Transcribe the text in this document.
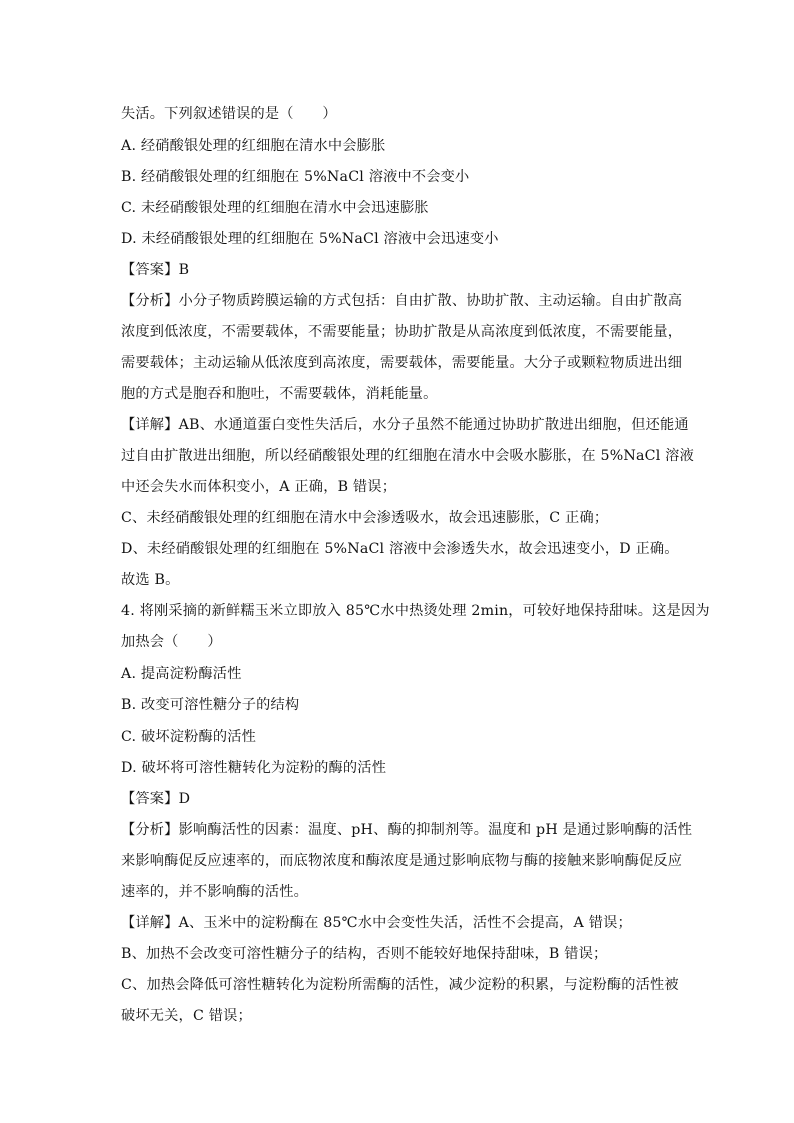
失活。下列叙述错误的是（　　）
A. 经硝酸银处理的红细胞在清水中会膨胀
B. 经硝酸银处理的红细胞在 5%NaCl 溶液中不会变小
C. 未经硝酸银处理的红细胞在清水中会迅速膨胀
D. 未经硝酸银处理的红细胞在 5%NaCl 溶液中会迅速变小
【答案】B
【分析】小分子物质跨膜运输的方式包括：自由扩散、协助扩散、主动运输。自由扩散高
浓度到低浓度，不需要载体，不需要能量；协助扩散是从高浓度到低浓度，不需要能量，
需要载体；主动运输从低浓度到高浓度，需要载体，需要能量。大分子或颗粒物质进出细
胞的方式是胞吞和胞吐，不需要载体，消耗能量。
【详解】AB、水通道蛋白变性失活后，水分子虽然不能通过协助扩散进出细胞，但还能通
过自由扩散进出细胞，所以经硝酸银处理的红细胞在清水中会吸水膨胀，在 5%NaCl 溶液
中还会失水而体积变小，A 正确，B 错误；
C、未经硝酸银处理的红细胞在清水中会渗透吸水，故会迅速膨胀，C 正确；
D、未经硝酸银处理的红细胞在 5%NaCl 溶液中会渗透失水，故会迅速变小，D 正确。
故选 B。
4. 将刚采摘的新鲜糯玉米立即放入 85℃水中热烫处理 2min，可较好地保持甜味。这是因为
加热会（　　）
A. 提高淀粉酶活性
B. 改变可溶性糖分子的结构
C. 破坏淀粉酶的活性
D. 破坏将可溶性糖转化为淀粉的酶的活性
【答案】D
【分析】影响酶活性的因素：温度、pH、酶的抑制剂等。温度和 pH 是通过影响酶的活性
来影响酶促反应速率的，而底物浓度和酶浓度是通过影响底物与酶的接触来影响酶促反应
速率的，并不影响酶的活性。
【详解】A、玉米中的淀粉酶在 85℃水中会变性失活，活性不会提高，A 错误；
B、加热不会改变可溶性糖分子的结构，否则不能较好地保持甜味，B 错误；
C、加热会降低可溶性糖转化为淀粉所需酶的活性，减少淀粉的积累，与淀粉酶的活性被
破坏无关，C 错误；
